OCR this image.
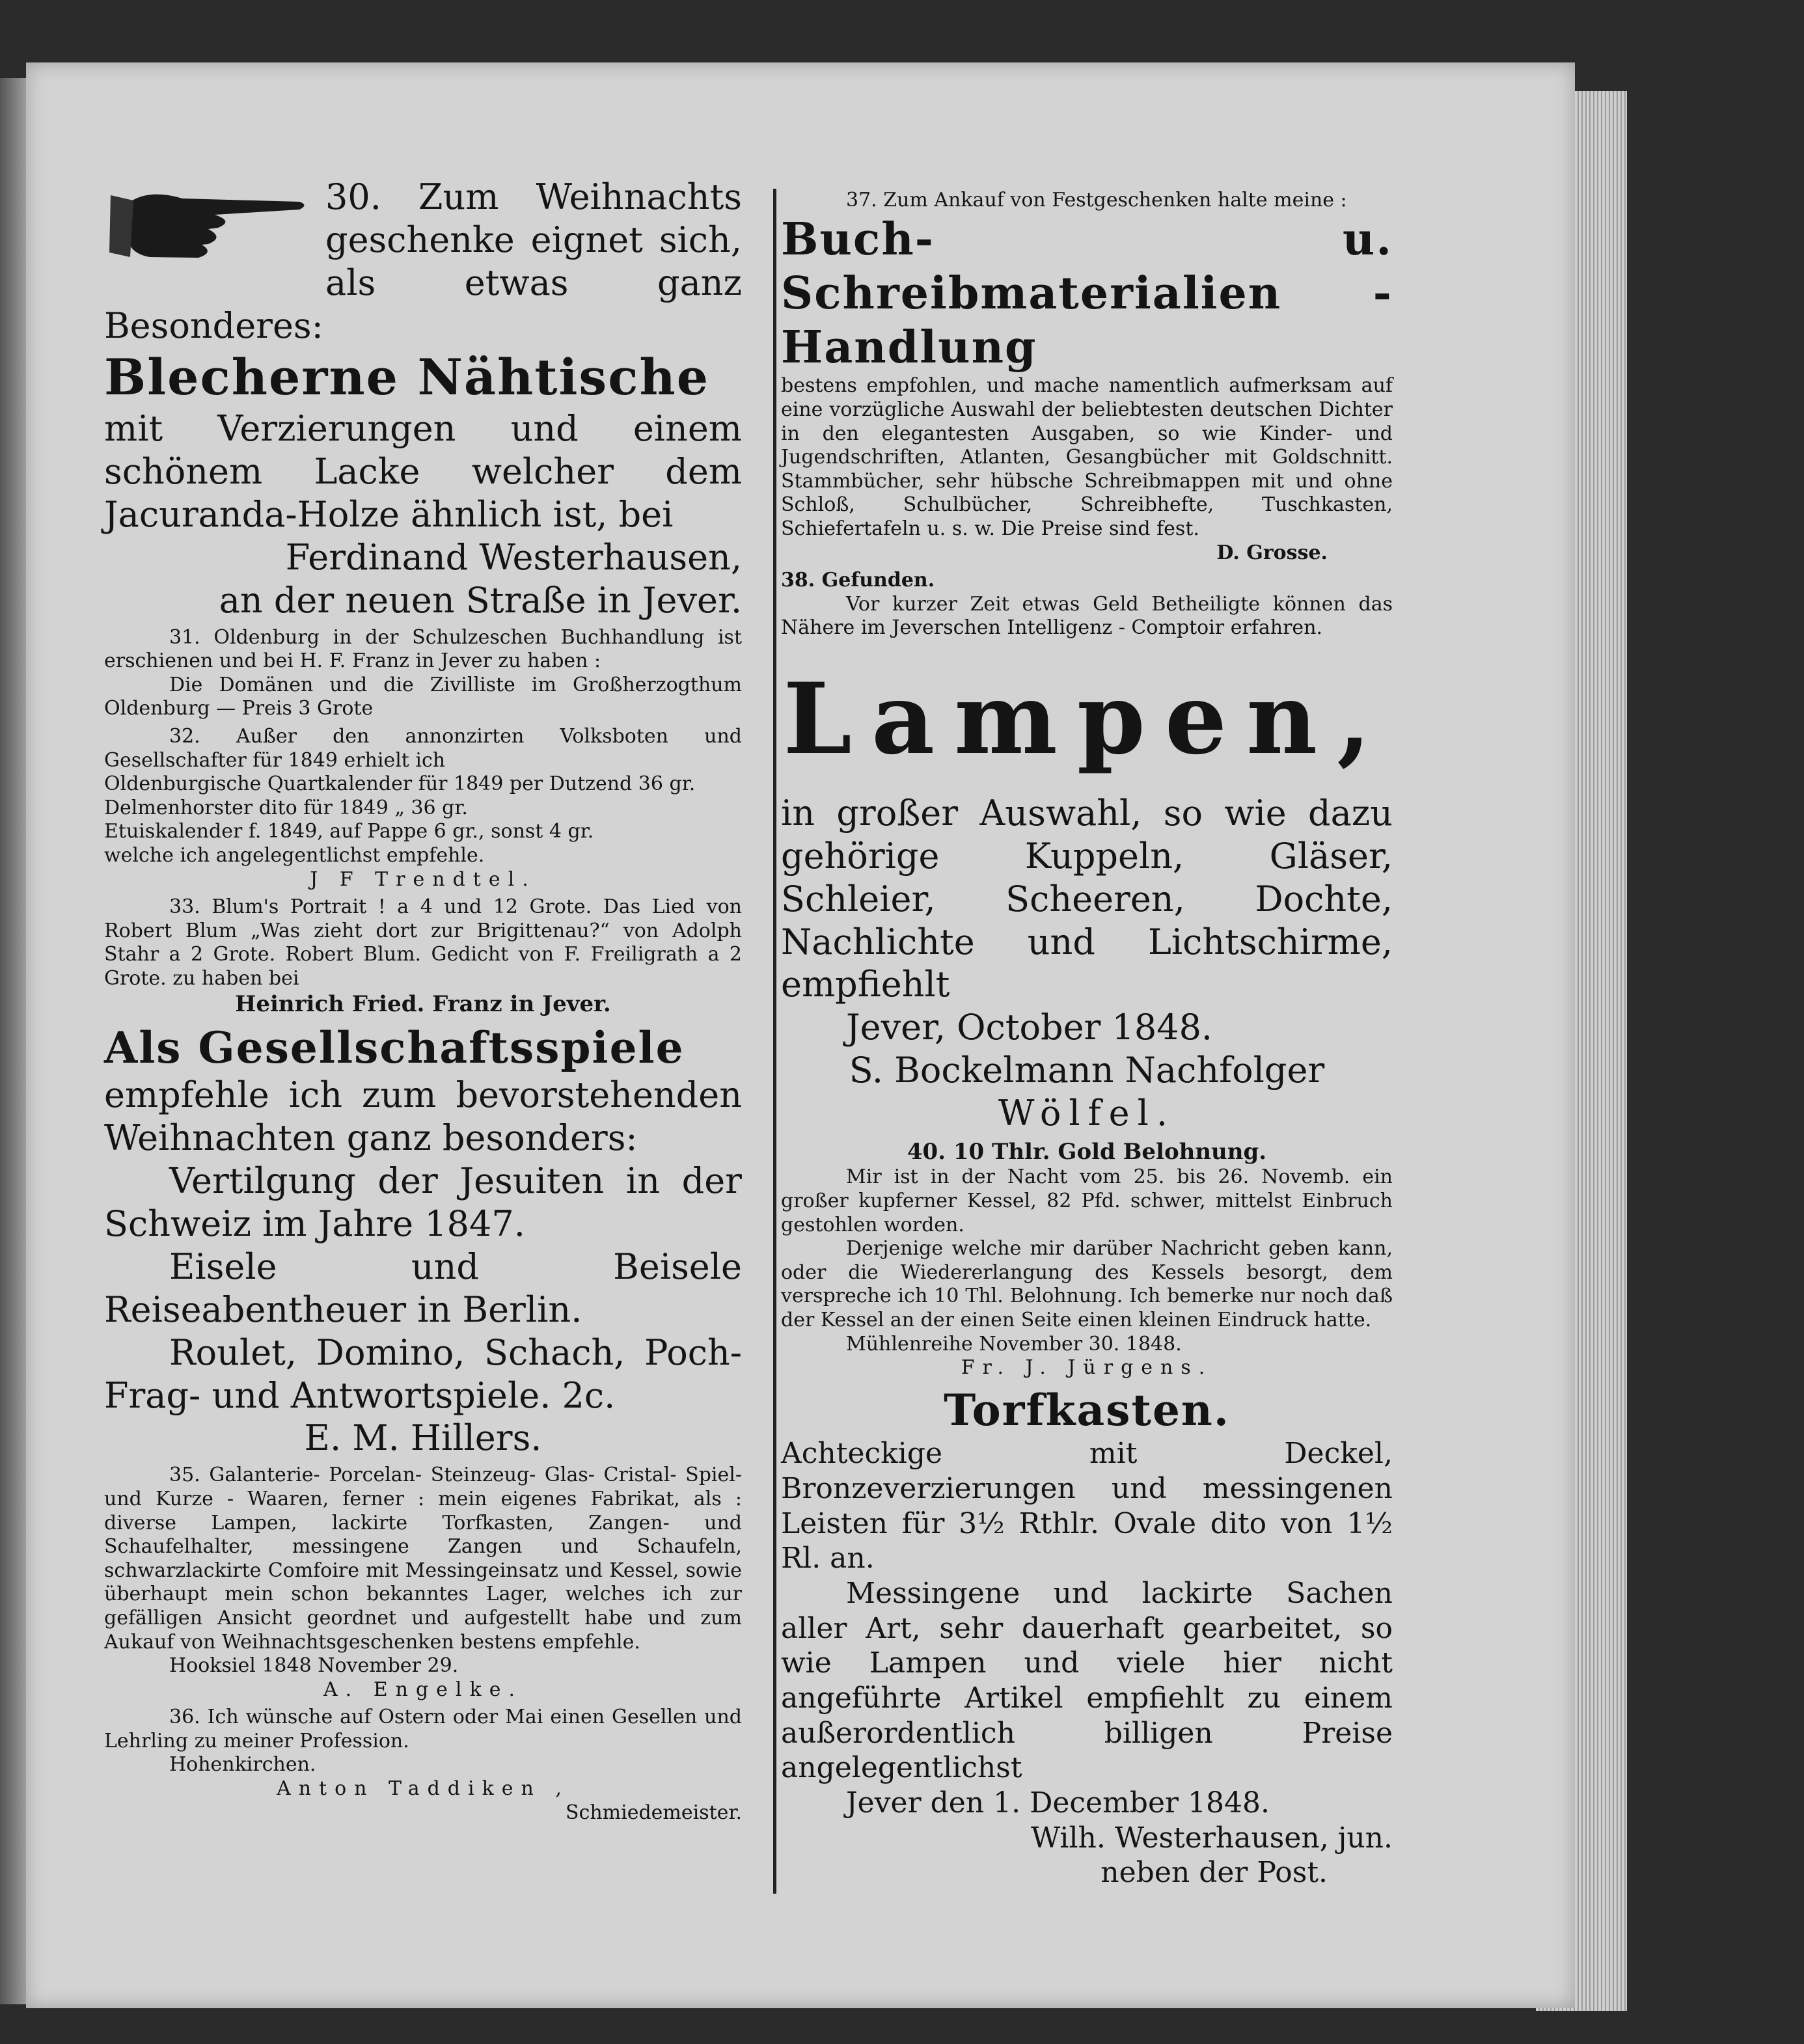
30. Zum Weihnachts geschenke eignet sich, als etwas ganz Besonderes:

Blecherne Nähtische

mit Verzierungen und einem schönem Lacke welcher dem Jacuranda-Holze ähnlich ist, bei

Ferdinand Westerhausen,

an der neuen Straße in Jever.

31. Oldenburg in der Schulzeschen Buchhandlung ist erschienen und bei H. F. Franz in Jever zu haben :

Die Domänen und die Zivilliste im Großherzogthum Oldenburg — Preis 3 Grote

32. Außer den annonzirten Volksboten und Gesellschafter für 1849 erhielt ich

Oldenburgische Quartkalender für 1849 per Dutzend 36 gr.

Delmenhorster dito für 1849 „ 36 gr.

Etuiskalender f. 1849, auf Pappe 6 gr., sonst 4 gr.

welche ich angelegentlichst empfehle.

J F Trendtel.

33. Blum's Portrait ! a 4 und 12 Grote. Das Lied von Robert Blum „Was zieht dort zur Brigittenau?“ von Adolph Stahr a 2 Grote. Robert Blum. Gedicht von F. Freiligrath a 2 Grote. zu haben bei

Heinrich Fried. Franz in Jever.

Als Gesellschaftsspiele

empfehle ich zum bevorstehenden Weihnachten ganz besonders:

Vertilgung der Jesuiten in der Schweiz im Jahre 1847.

Eisele und Beisele Reiseabentheuer in Berlin.

Roulet, Domino, Schach, Poch- Frag- und Antwortspiele. 2c.

E. M. Hillers.

35. Galanterie- Porcelan- Steinzeug- Glas- Cristal- Spiel- und Kurze - Waaren, ferner : mein eigenes Fabrikat, als : diverse Lampen, lackirte Torfkasten, Zangen- und Schaufelhalter, messingene Zangen und Schaufeln, schwarzlackirte Comfoire mit Messingeinsatz und Kessel, sowie überhaupt mein schon bekanntes Lager, welches ich zur gefälligen Ansicht geordnet und aufgestellt habe und zum Aukauf von Weihnachtsgeschenken bestens empfehle.

Hooksiel 1848 November 29.

A. Engelke.

36. Ich wünsche auf Ostern oder Mai einen Gesellen und Lehrling zu meiner Profession.

Hohenkirchen.

Anton Taddiken ,

Schmiedemeister.

37. Zum Ankauf von Festgeschenken halte meine :

Buch- u. Schreibmaterialien - Handlung

bestens empfohlen, und mache namentlich aufmerksam auf eine vorzügliche Auswahl der beliebtesten deutschen Dichter in den elegantesten Ausgaben, so wie Kinder- und Jugendschriften, Atlanten, Gesangbücher mit Goldschnitt. Stammbücher, sehr hübsche Schreibmappen mit und ohne Schloß, Schulbücher, Schreibhefte, Tuschkasten, Schiefertafeln u. s. w. Die Preise sind fest.

D. Grosse.

38. Gefunden.

Vor kurzer Zeit etwas Geld Betheiligte können das Nähere im Jeverschen Intelligenz - Comptoir erfahren.

Lampen,

in großer Auswahl, so wie dazu gehörige Kuppeln, Gläser, Schleier, Scheeren, Dochte, Nachlichte und Lichtschirme, empfiehlt

Jever, October 1848.

S. Bockelmann Nachfolger

Wölfel.

40. 10 Thlr. Gold Belohnung.

Mir ist in der Nacht vom 25. bis 26. Novemb. ein großer kupferner Kessel, 82 Pfd. schwer, mittelst Einbruch gestohlen worden.

Derjenige welche mir darüber Nachricht geben kann, oder die Wiedererlangung des Kessels besorgt, dem verspreche ich 10 Thl. Belohnung. Ich bemerke nur noch daß der Kessel an der einen Seite einen kleinen Eindruck hatte.

Mühlenreihe November 30. 1848.

Fr. J. Jürgens.

Torfkasten.

Achteckige mit Deckel, Bronzeverzierungen und messingenen Leisten für 3½ Rthlr. Ovale dito von 1½ Rl. an.

Messingene und lackirte Sachen aller Art, sehr dauerhaft gearbeitet, so wie Lampen und viele hier nicht angeführte Artikel empfiehlt zu einem außerordentlich billigen Preise angelegentlichst

Jever den 1. December 1848.

Wilh. Westerhausen, jun.

neben der Post.
